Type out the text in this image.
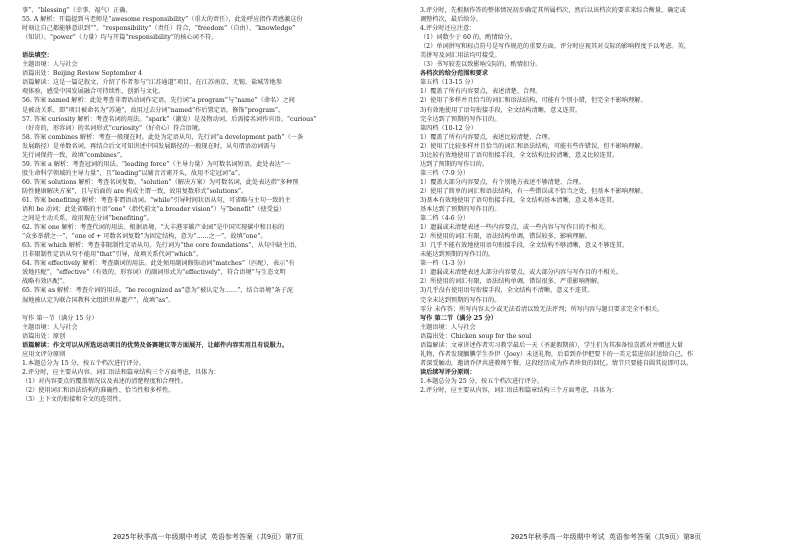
事”、“blessing”（幸事、福气）正确。
55. A 解析：开篇提到马老师是“awesome responsibility”（重大的责任），此处呼应指作者感激这份
时刻让自己都能够意识到“”。“responsibility”（责任）符合，“freedom”（自由）、“knowledge”
（知识）、“power”（力量）均与开篇“responsibility”的核心词不符。

语法填空：
主题语境：人与社会
语篇出处：Beijing Review September 4
语篇解读：这是一篇记叙文，介绍了作者参与“江苏通道”项目，在江苏南京、无锡、盐城等地参
观体验，感受中国发展融合可持续性、创新与文化。
56. 答案 named 解析：此处考查非谓语动词作定语。先行词“a program”与“name”（命名）之间
是被动关系，即“项目被命名为”苏通”，故用过去分词“named”作后置定语，修饰“program”。
57. 答案 curiosity 解析：考查名词的用法。“spark”（激发）是及物动词，后需接名词作宾语。“curious”
（好奇的，形容词）的名词形式“curiosity”（好奇心）符合语境。
58. 答案 combines 解析：考查一般现在时。此处为定语从句，先行词“a development path”（一条
发展路径）是单数名词，再结合后文可知讲述中国发展路径的一般现在时，从句谓语动词需与
先行词保持一致，故填“combines”。
59. 答案 a 解析：考查冠词的用法。“leading force”（主导力量）为可数名词短语，此处表达“一
股生命科学领域的主导力量”，且“leading”以辅音音素开头，故用不定冠词“a”。
60. 答案 solutions 解析：考查名词复数。“solution”（解决方案）为可数名词，此处表达指“多种预
防性健康解决方案”，且与后面的 are 构成主谓一致，故用复数形式“solutions”。
61. 答案 benefiting 解析：考查非谓语动词。“while”引导时间状语从句，可省略与主句一致的主
语和 be 动词；此处省略的主语“one”（指代前文“a broader vision”）与“benefit”（使受益）
之间是主动关系，故用现在分词“benefiting”。
62. 答案 one 解析：考查代词的用法。根据语境，“大丰港零碳产业园”是中国实现碳中和目标的
“众多举措之一”，“one of + 可数名词复数”为固定结构，意为“……之一”，故填“one”。
63. 答案 which 解析：考查非限制性定语从句。先行词为“the core foundations”，从句中缺主语，
且非限制性定语从句不能用“that”引导，故填关系代词“which”。
64. 答案 effectively 解析：考查副词的用法。此处须用副词修饰动词“matches”（匹配），表示“有
效地匹配”，“effective”（有效的，形容词）的副词形式为“effectively”，符合语境“与生态文明
战略有效匹配”。
65. 答案 as 解析：考查介词的用法。“be recognized as”意为“被认定为……”，结合语境“条子泥
湿地被认定为联合国教科文组织世界遗产”，故填“as”。

写作 第一节（满分 15 分）
主题语境：人与社会
语篇出处：原创
语篇解读：作文可以从所选运动项目的优势及备赛建议等方面展开，让邮件内容实用且有说服力。
应用文评分原则
1.本题总分为 15 分，按五个档次进行评分。
2.评分时，应主要从内容、词汇语法和篇章结构三个方面考虑，具体为：
（1）对内容要点的覆盖情况以及表述的清楚程度和合理性。
（2）使用词汇和语法结构的准确性、恰当性和多样性。
（3）上下文的衔接和全文的连贯性。
3.评分时，先根据作答的整体情况初步确定其所属档次，然后以该档次的要求来综合衡量，确定或
调整档次，最后给分。
4.评分时还应注意：
（1）词数少于 60 的，酌情给分。
（2）单词拼写和标点符号是写作规范的重要方面，评分时应视其对交际的影响程度予以考虑。英、
美拼写及词汇用法均可接受。
（3）书写较差以致影响交际的，酌情扣分。
各档次的给分范围和要求
第五档（13-15 分）
1）覆盖了所有内容要点，表述清楚、合理。
2）使用了多样并且恰当的词汇和语法结构，可能有个别小错，但完全不影响理解。
3)有效地使用了语句衔接手段，全文结构清晰，意义连贯。
完全达到了预期的写作目的。
第四档（10-12 分）
1）覆盖了所有内容要点，表述比较清楚、合理。
2）使用了比较多样并且恰当的词汇和语法结构，可能有些许错误，但不影响理解。
3)比较有效地使用了语句衔接手段，全文结构比较清晰，意义比较连贯。
达到了预期的写作目的。
第三档（7-9 分）
1）覆盖大部分内容要点，有个别地方表述不够清楚、合理。
2）使用了简单的词汇和语法结构，有一些错误或不恰当之处，但基本不影响理解。
3)基本有效地使用了语句衔接手段，全文结构基本清晰，意义基本连贯。
基本达到了预期的写作目的。
第二档（4-6 分）
1）遗漏或未清楚表述一些内容要点，或一些内容与写作目的不相关。
2）所使用的词汇有限，语法结构单调，错误较多，影响理解。
3）几乎不能有效地使用语句衔接手段，全文结构不够清晰，意义不够连贯。
未能达到预期的写作目的。
第一档（1-3 分）
1）遗漏或未清楚表述大部分内容要点，或大部分内容与写作目的不相关。
2）所使用的词汇有限，语法结构单调，错误很多，严重影响理解。
3)几乎没有使用语句衔接手段，全文结构不清晰，意义不连贯。
完全未达到预期的写作目的。
零分 未作答；所写内容太少或无法看清以致无法评判；所写内容与题目要求完全不相关。
写作 第二节（满分 25 分）
主题语境：人与社会
语篇出处：Chicken soup for the soul
语篇解读：文章讲述作者实习教学最后一天（圣诞假期前），学生们为其准备惊喜派对并赠送大量
礼物，作者发现腼腆学生乔伊（Joey）未送礼物，后看到乔伊把要下的一美元装进信封送给自己，作
者深受触动，邀请乔伊共进教师午餐，这段经历成为作者珍贵的回忆。情节只要能自圆其说即可以。
读后续写评分原则：
1.本题总分为 25 分，按五个档次进行评分。
2.评分时，应主要从内容，词汇语法和篇章结构三个方面考虑，具体为：
2025年秋季高一年级期中考试 英语参考答案（共9页）第7页	2025年秋季高一年级期中考试 英语参考答案（共9页）第8页
